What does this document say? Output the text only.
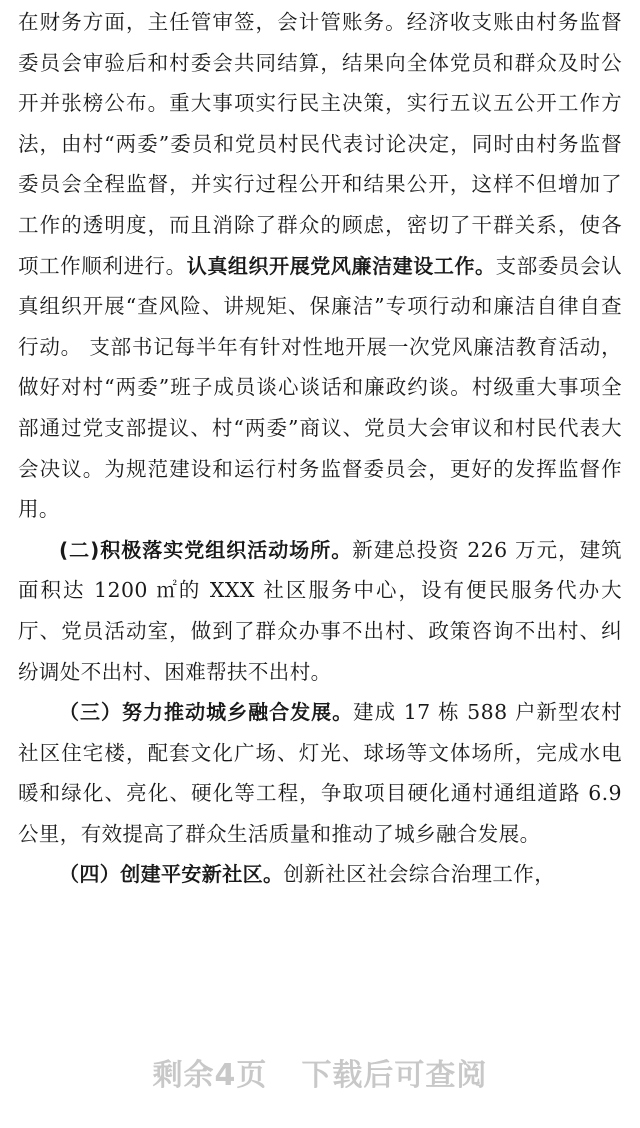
在财务方面，主任管审签，会计管账务。经济收支账由村务监督委员会审验后和村委会共同结算，结果向全体党员和群众及时公开并张榜公布。重大事项实行民主决策，实行五议五公开工作方法，由村“两委”委员和党员村民代表讨论决定，同时由村务监督委员会全程监督，并实行过程公开和结果公开，这样不但增加了工作的透明度，而且消除了群众的顾虑，密切了干群关系，使各项工作顺利进行。认真组织开展党风廉洁建设工作。支部委员会认真组织开展“查风险、讲规矩、保廉洁”专项行动和廉洁自律自查行动。 支部书记每半年有针对性地开展一次党风廉洁教育活动，做好对村“两委”班子成员谈心谈话和廉政约谈。村级重大事项全部通过党支部提议、村“两委”商议、党员大会审议和村民代表大会决议。为规范建设和运行村务监督委员会，更好的发挥监督作用。

(二)积极落实党组织活动场所。新建总投资 226 万元，建筑面积达 1200 ㎡的 XXX 社区服务中心，设有便民服务代办大厅、党员活动室，做到了群众办事不出村、政策咨询不出村、纠纷调处不出村、困难帮扶不出村。

（三）努力推动城乡融合发展。建成 17 栋 588 户新型农村社区住宅楼，配套文化广场、灯光、球场等文体场所，完成水电暖和绿化、亮化、硬化等工程，争取项目硬化通村通组道路 6.9 公里，有效提高了群众生活质量和推动了城乡融合发展。

（四）创建平安新社区。创新社区社会综合治理工作，

剩余4页 下载后可查阅
